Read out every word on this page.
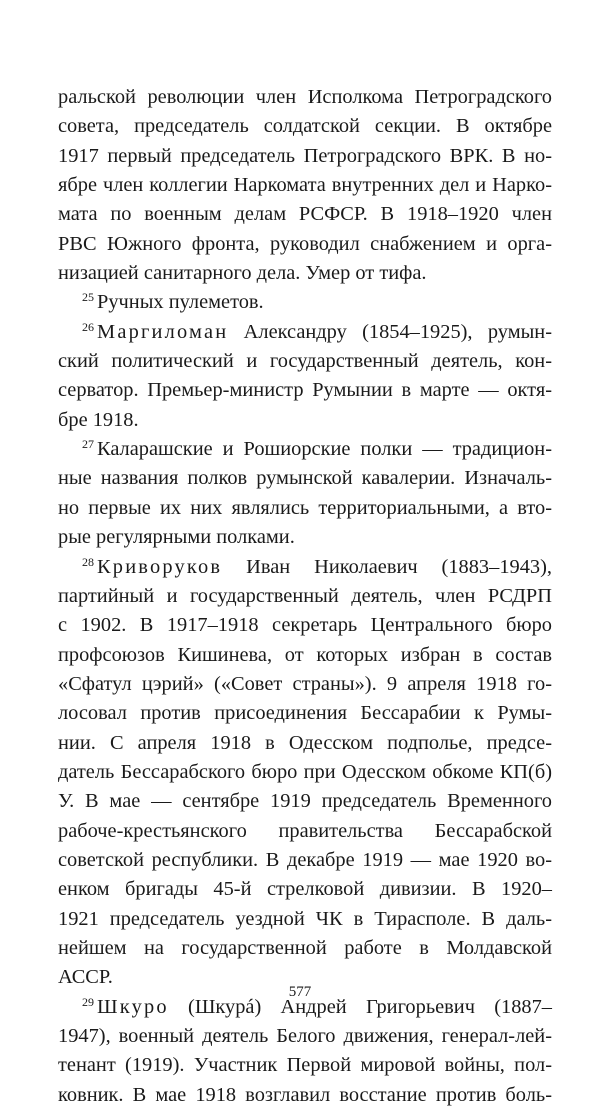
ральской революции член Исполкома Петроградского
совета, председатель солдатской секции. В октябре
1917 первый председатель Петроградского ВРК. В но-
ябре член коллегии Наркомата внутренних дел и Нарко-
мата по военным делам РСФСР. В 1918–1920 член
РВС Южного фронта, руководил снабжением и орга-
низацией санитарного дела. Умер от тифа.
$^{25}$ Ручных пулеметов.
$^{26}$ Маргиломан Александру (1854–1925), румын-
ский политический и государственный деятель, кон-
серватор. Премьер-министр Румынии в марте — октя-
бре 1918.
$^{27}$ Каларашские и Рошиорские полки — традицион-
ные названия полков румынской кавалерии. Изначаль-
но первые их них являлись территориальными, а вто-
рые регулярными полками.
$^{28}$ Криворуков Иван Николаевич (1883–1943),
партийный и государственный деятель, член РСДРП
с 1902. В 1917–1918 секретарь Центрального бюро
профсоюзов Кишинева, от которых избран в состав
«Сфатул цэрий» («Совет страны»). 9 апреля 1918 го-
лосовал против присоединения Бессарабии к Румы-
нии. С апреля 1918 в Одесском подполье, предсе-
датель Бессарабского бюро при Одесском обкоме КП(б)
У. В мае — сентябре 1919 председатель Временного
рабоче-крестьянского правительства Бессарабской
советской республики. В декабре 1919 — мае 1920 во-
енком бригады 45-й стрелковой дивизии. В 1920–
1921 председатель уездной ЧК в Тирасполе. В даль-
нейшем на государственной работе в Молдавской
АССР.
$^{29}$ Шкуро (Шкурá) Андрей Григорьевич (1887–
1947), военный деятель Белого движения, генерал-лей-
тенант (1919). Участник Первой мировой войны, пол-
ковник. В мае 1918 возглавил восстание против боль-
577
